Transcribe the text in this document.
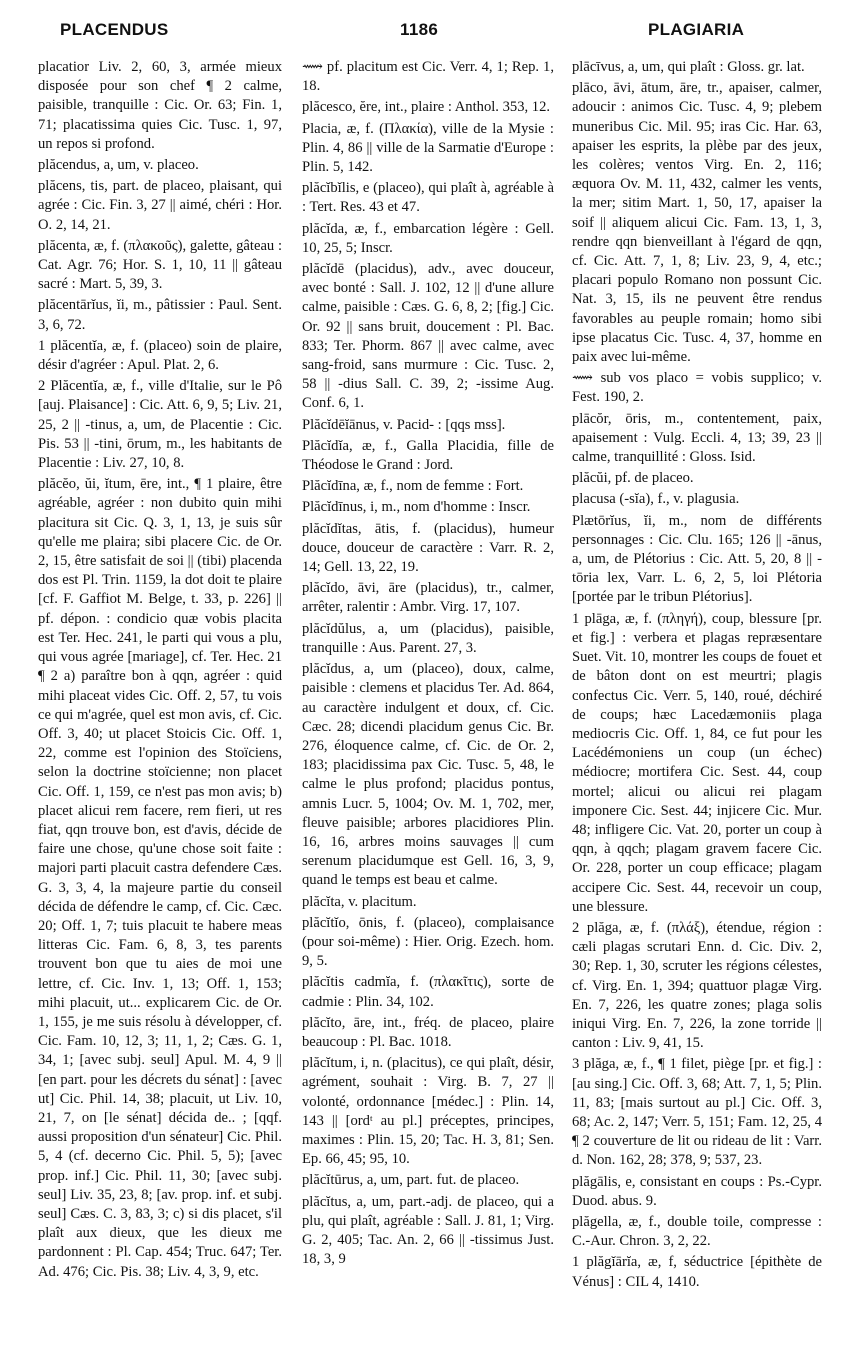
PLACENDUS	1186	PLAGIARIA

placatior Liv. 2, 60, 3, armée mieux disposée pour son chef ¶ 2 calme, paisible, tranquille : Cic. Or. 63; Fin. 1, 71; placatissima quies Cic. Tusc. 1, 97, un repos si profond.

plăcendus, a, um, v. placeo.

plăcens, tis, part. de placeo, plaisant, qui agrée : Cic. Fin. 3, 27 || aimé, chéri : Hor. O. 2, 14, 21.

plăcenta, æ, f. (πλακοῦς), galette, gâteau : Cat. Agr. 76; Hor. S. 1, 10, 11 || gâteau sacré : Mart. 5, 39, 3.

plăcentārĭus, ĭi, m., pâtissier : Paul. Sent. 3, 6, 72.

1 plăcentĭa, æ, f. (placeo) soin de plaire, désir d'agréer : Apul. Plat. 2, 6.

2 Plăcentĭa, æ, f., ville d'Italie, sur le Pô [auj. Plaisance] : Cic. Att. 6, 9, 5; Liv. 21, 25, 2 || -tinus, a, um, de Placentie : Cic. Pis. 53 || -tini, ōrum, m., les habitants de Placentie : Liv. 27, 10, 8.

plăcĕo, ŭi, ĭtum, ēre, int., ¶ 1 plaire, être agréable, agréer : non dubito quin mihi placitura sit Cic. Q. 3, 1, 13, je suis sûr qu'elle me plaira; sibi placere Cic. de Or. 2, 15, être satisfait de soi || (tibi) placenda dos est Pl. Trin. 1159, la dot doit te plaire [cf. F. Gaffiot M. Belge, t. 33, p. 226] || pf. dépon. : condicio quæ vobis placita est Ter. Hec. 241, le parti qui vous a plu, qui vous agrée [mariage], cf. Ter. Hec. 21 ¶ 2 a) paraître bon à qqn, agréer : quid mihi placeat vides Cic. Off. 2, 57, tu vois ce qui m'agrée, quel est mon avis, cf. Cic. Off. 3, 40; ut placet Stoicis Cic. Off. 1, 22, comme est l'opinion des Stoïciens, selon la doctrine stoïcienne; non placet Cic. Off. 1, 159, ce n'est pas mon avis; b) placet alicui rem facere, rem fieri, ut res fiat, qqn trouve bon, est d'avis, décide de faire une chose, qu'une chose soit faite : majori parti placuit castra defendere Cæs. G. 3, 3, 4, la majeure partie du conseil décida de défendre le camp, cf. Cic. Cæc. 20; Off. 1, 7; tuis placuit te habere meas litteras Cic. Fam. 6, 8, 3, tes parents trouvent bon que tu aies de moi une lettre, cf. Cic. Inv. 1, 13; Off. 1, 153; mihi placuit, ut... explicarem Cic. de Or. 1, 155, je me suis résolu à développer, cf. Cic. Fam. 10, 12, 3; 11, 1, 2; Cæs. G. 1, 34, 1; [avec subj. seul] Apul. M. 4, 9 || [en part. pour les décrets du sénat] : [avec ut] Cic. Phil. 14, 38; placuit, ut Liv. 10, 21, 7, on [le sénat] décida de.. ; [qqf. aussi proposition d'un sénateur] Cic. Phil. 5, 4 (cf. decerno Cic. Phil. 5, 5); [avec prop. inf.] Cic. Phil. 11, 30; [avec subj. seul] Liv. 35, 23, 8; [av. prop. inf. et subj. seul] Cæs. C. 3, 83, 3; c) si dis placet, s'il plaît aux dieux, que les dieux me pardonnent : Pl. Cap. 454; Truc. 647; Ter. Ad. 476; Cic. Pis. 38; Liv. 4, 3, 9, etc.

⟿ pf. placitum est Cic. Verr. 4, 1; Rep. 1, 18.

plăcesco, ĕre, int., plaire : Anthol. 353, 12.

Placia, æ, f. (Πλακία), ville de la Mysie : Plin. 4, 86 || ville de la Sarmatie d'Europe : Plin. 5, 142.

plăcĭbĭlis, e (placeo), qui plaît à, agréable à : Tert. Res. 43 et 47.

plăcĭda, æ, f., embarcation légère : Gell. 10, 25, 5; Inscr.

plăcĭdē (placidus), adv., avec douceur, avec bonté : Sall. J. 102, 12 || d'une allure calme, paisible : Cæs. G. 6, 8, 2; [fig.] Cic. Or. 92 || sans bruit, doucement : Pl. Bac. 833; Ter. Phorm. 867 || avec calme, avec sang-froid, sans murmure : Cic. Tusc. 2, 58 || -dius Sall. C. 39, 2; -issime Aug. Conf. 6, 1.

Plăcĭdēĭānus, v. Pacid- : [qqs mss].

Plăcĭdĭa, æ, f., Galla Placidia, fille de Théodose le Grand : Jord.

Plăcĭdīna, æ, f., nom de femme : Fort.

Plăcĭdīnus, i, m., nom d'homme : Inscr.

plăcĭdĭtas, ātis, f. (placidus), humeur douce, douceur de caractère : Varr. R. 2, 14; Gell. 13, 22, 19.

plăcĭdo, āvi, āre (placidus), tr., calmer, arrêter, ralentir : Ambr. Virg. 17, 107.

plăcĭdŭlus, a, um (placidus), paisible, tranquille : Aus. Parent. 27, 3.

plăcĭdus, a, um (placeo), doux, calme, paisible : clemens et placidus Ter. Ad. 864, au caractère indulgent et doux, cf. Cic. Cæc. 28; dicendi placidum genus Cic. Br. 276, éloquence calme, cf. Cic. de Or. 2, 183; placidissima pax Cic. Tusc. 5, 48, le calme le plus profond; placidus pontus, amnis Lucr. 5, 1004; Ov. M. 1, 702, mer, fleuve paisible; arbores placidiores Plin. 16, 16, arbres moins sauvages || cum serenum placidumque est Gell. 16, 3, 9, quand le temps est beau et calme.

plăcĭta, v. placitum.

plăcĭtĭo, ōnis, f. (placeo), complaisance (pour soi-même) : Hier. Orig. Ezech. hom. 9, 5.

plăcĭtis cadmĭa, f. (πλακῖτις), sorte de cadmie : Plin. 34, 102.

plăcĭto, āre, int., fréq. de placeo, plaire beaucoup : Pl. Bac. 1018.

plăcĭtum, i, n. (placitus), ce qui plaît, désir, agrément, souhait : Virg. B. 7, 27 || volonté, ordonnance [médec.] : Plin. 14, 143 || [ordᵗ au pl.] préceptes, principes, maximes : Plin. 15, 20; Tac. H. 3, 81; Sen. Ep. 66, 45; 95, 10.

plăcĭtūrus, a, um, part. fut. de placeo.

plăcĭtus, a, um, part.-adj. de placeo, qui a plu, qui plaît, agréable : Sall. J. 81, 1; Virg. G. 2, 405; Tac. An. 2, 66 || -tissimus Just. 18, 3, 9

plācīvus, a, um, qui plaît : Gloss. gr. lat.

plāco, āvi, ātum, āre, tr., apaiser, calmer, adoucir : animos Cic. Tusc. 4, 9; plebem muneribus Cic. Mil. 95; iras Cic. Har. 63, apaiser les esprits, la plèbe par des jeux, les colères; ventos Virg. En. 2, 116; æquora Ov. M. 11, 432, calmer les vents, la mer; sitim Mart. 1, 50, 17, apaiser la soif || aliquem alicui Cic. Fam. 13, 1, 3, rendre qqn bienveillant à l'égard de qqn, cf. Cic. Att. 7, 1, 8; Liv. 23, 9, 4, etc.; placari populo Romano non possunt Cic. Nat. 3, 15, ils ne peuvent être rendus favorables au peuple romain; homo sibi ipse placatus Cic. Tusc. 4, 37, homme en paix avec lui-même.

⟿ sub vos placo = vobis supplico; v. Fest. 190, 2.

plācŏr, ōris, m., contentement, paix, apaisement : Vulg. Eccli. 4, 13; 39, 23 || calme, tranquillité : Gloss. Isid.

plăcŭi, pf. de placeo.

placusa (-sĭa), f., v. plagusia.

Plætōrĭus, ĭi, m., nom de différents personnages : Cic. Clu. 165; 126 || -ānus, a, um, de Plétorius : Cic. Att. 5, 20, 8 || -tōria lex, Varr. L. 6, 2, 5, loi Plétoria [portée par le tribun Plétorius].

1 plāga, æ, f. (πληγή), coup, blessure [pr. et fig.] : verbera et plagas repræsentare Suet. Vit. 10, montrer les coups de fouet et de bâton dont on est meurtri; plagis confectus Cic. Verr. 5, 140, roué, déchiré de coups; hæc Lacedæmoniis plaga mediocris Cic. Off. 1, 84, ce fut pour les Lacédémoniens un coup (un échec) médiocre; mortifera Cic. Sest. 44, coup mortel; alicui ou alicui rei plagam imponere Cic. Sest. 44; injicere Cic. Mur. 48; infligere Cic. Vat. 20, porter un coup à qqn, à qqch; plagam gravem facere Cic. Or. 228, porter un coup efficace; plagam accipere Cic. Sest. 44, recevoir un coup, une blessure.

2 plăga, æ, f. (πλάξ), étendue, région : cæli plagas scrutari Enn. d. Cic. Div. 2, 30; Rep. 1, 30, scruter les régions célestes, cf. Virg. En. 1, 394; quattuor plagæ Virg. En. 7, 226, les quatre zones; plaga solis iniqui Virg. En. 7, 226, la zone torride || canton : Liv. 9, 41, 15.

3 plăga, æ, f., ¶ 1 filet, piège [pr. et fig.] : [au sing.] Cic. Off. 3, 68; Att. 7, 1, 5; Plin. 11, 83; [mais surtout au pl.] Cic. Off. 3, 68; Ac. 2, 147; Verr. 5, 151; Fam. 12, 25, 4 ¶ 2 couverture de lit ou rideau de lit : Varr. d. Non. 162, 28; 378, 9; 537, 23.

plăgālis, e, consistant en coups : Ps.-Cypr. Duod. abus. 9.

plăgella, æ, f., double toile, compresse : C.-Aur. Chron. 3, 2, 22.

1 plăgĭārĭa, æ, f, séductrice [épithète de Vénus] : CIL 4, 1410.
